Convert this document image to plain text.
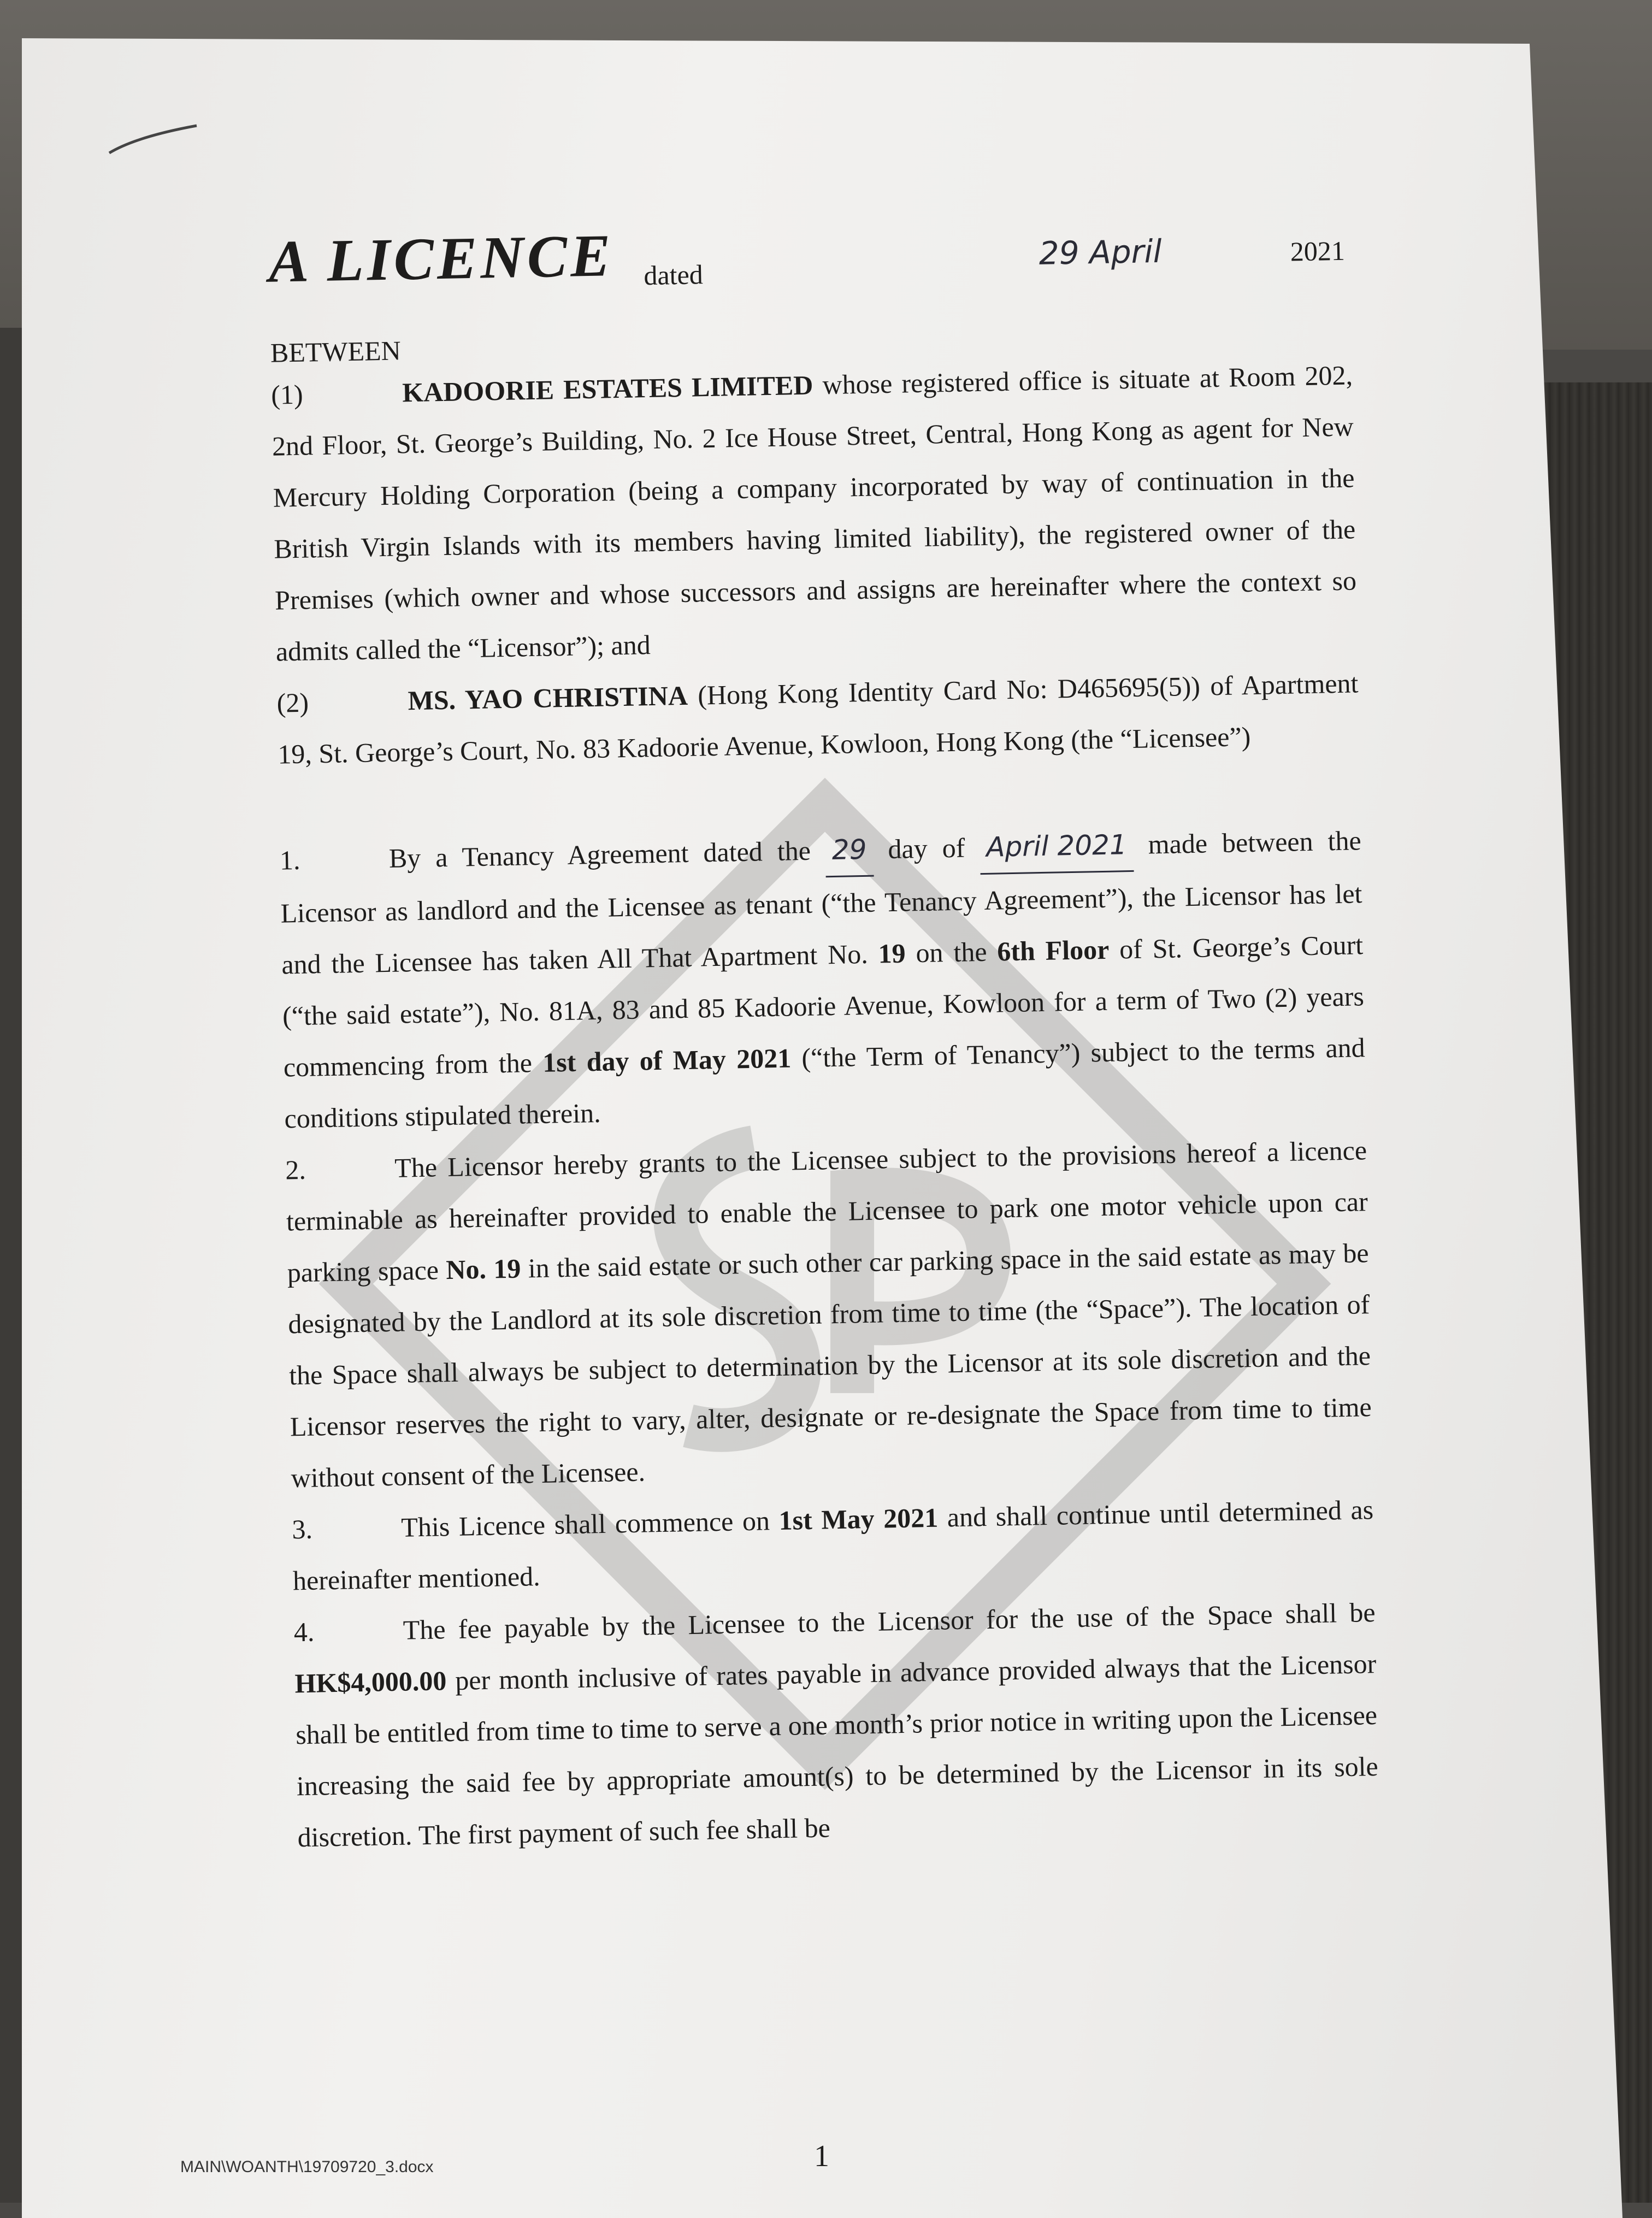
A LICENCE dated
29 April	2021
BETWEEN

(1)	KADOORIE ESTATES LIMITED whose registered office is situate at Room 202, 2nd Floor, St. George’s Building, No. 2 Ice House Street, Central, Hong Kong as agent for New Mercury Holding Corporation (being a company incorporated by way of continuation in the British Virgin Islands with its members having limited liability), the registered owner of the Premises (which owner and whose successors and assigns are hereinafter where the context so admits called the “Licensor”); and

(2)	MS. YAO CHRISTINA (Hong Kong Identity Card No: D465695(5)) of Apartment 19, St. George’s Court, No. 83 Kadoorie Avenue, Kowloon, Hong Kong (the “Licensee”)

1.	By a Tenancy Agreement dated the 29 day of April 2021 made between the Licensor as landlord and the Licensee as tenant (“the Tenancy Agreement”), the Licensor has let and the Licensee has taken All That Apartment No. 19 on the 6th Floor of St. George’s Court (“the said estate”), No. 81A, 83 and 85 Kadoorie Avenue, Kowloon for a term of Two (2) years commencing from the 1st day of May 2021 (“the Term of Tenancy”) subject to the terms and conditions stipulated therein.

2.	The Licensor hereby grants to the Licensee subject to the provisions hereof a licence terminable as hereinafter provided to enable the Licensee to park one motor vehicle upon car parking space No. 19 in the said estate or such other car parking space in the said estate as may be designated by the Landlord at its sole discretion from time to time (the “Space”). The location of the Space shall always be subject to determination by the Licensor at its sole discretion and the Licensor reserves the right to vary, alter, designate or re-designate the Space from time to time without consent of the Licensee.

3.	This Licence shall commence on 1st May 2021 and shall continue until determined as hereinafter mentioned.

4.	The fee payable by the Licensee to the Licensor for the use of the Space shall be HK$4,000.00 per month inclusive of rates payable in advance provided always that the Licensor shall be entitled from time to time to serve a one month’s prior notice in writing upon the Licensee increasing the said fee by appropriate amount(s) to be determined by the Licensor in its sole discretion. The first payment of such fee shall be

MAIN\WOANTH\19709720_3.docx	1
